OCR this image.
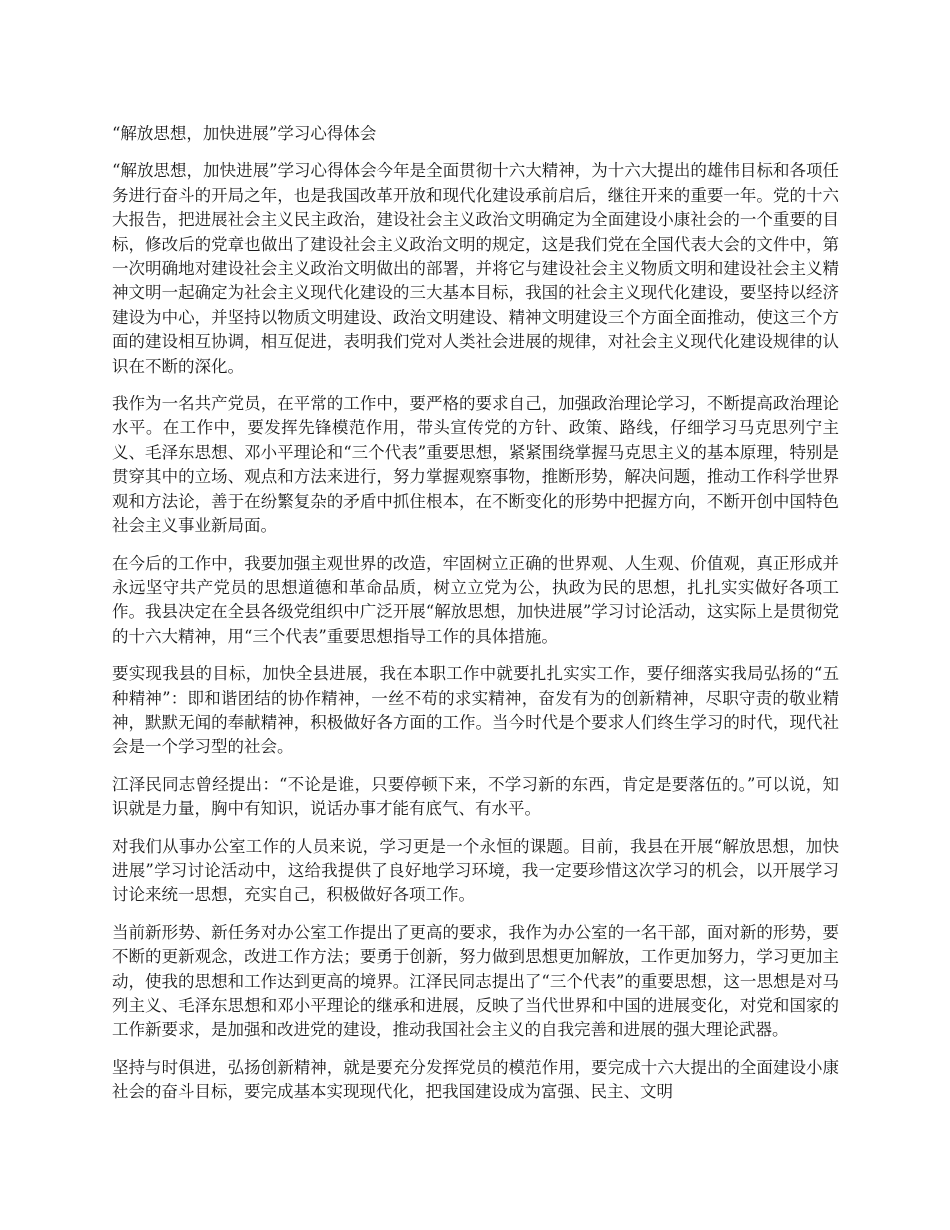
“解放思想，加快进展”学习心得体会

“解放思想，加快进展”学习心得体会今年是全面贯彻十六大精神，为十六大提出的雄伟目标和各项任务进行奋斗的开局之年，也是我国改革开放和现代化建设承前启后，继往开来的重要一年。党的十六大报告，把进展社会主义民主政治，建设社会主义政治文明确定为全面建设小康社会的一个重要的目标，修改后的党章也做出了建设社会主义政治文明的规定，这是我们党在全国代表大会的文件中，第一次明确地对建设社会主义政治文明做出的部署，并将它与建设社会主义物质文明和建设社会主义精神文明一起确定为社会主义现代化建设的三大基本目标，我国的社会主义现代化建设，要坚持以经济建设为中心，并坚持以物质文明建设、政治文明建设、精神文明建设三个方面全面推动，使这三个方面的建设相互协调，相互促进，表明我们党对人类社会进展的规律，对社会主义现代化建设规律的认识在不断的深化。

我作为一名共产党员，在平常的工作中，要严格的要求自己，加强政治理论学习，不断提高政治理论水平。在工作中，要发挥先锋模范作用，带头宣传党的方针、政策、路线，仔细学习马克思列宁主义、毛泽东思想、邓小平理论和“三个代表”重要思想，紧紧围绕掌握马克思主义的基本原理，特别是贯穿其中的立场、观点和方法来进行，努力掌握观察事物，推断形势，解决问题，推动工作科学世界观和方法论，善于在纷繁复杂的矛盾中抓住根本，在不断变化的形势中把握方向，不断开创中国特色社会主义事业新局面。

在今后的工作中，我要加强主观世界的改造，牢固树立正确的世界观、人生观、价值观，真正形成并永远坚守共产党员的思想道德和革命品质，树立立党为公，执政为民的思想，扎扎实实做好各项工作。我县决定在全县各级党组织中广泛开展“解放思想，加快进展”学习讨论活动，这实际上是贯彻党的十六大精神，用“三个代表”重要思想指导工作的具体措施。

要实现我县的目标，加快全县进展，我在本职工作中就要扎扎实实工作，要仔细落实我局弘扬的“五种精神”：即和谐团结的协作精神，一丝不苟的求实精神，奋发有为的创新精神，尽职守责的敬业精神，默默无闻的奉献精神，积极做好各方面的工作。当今时代是个要求人们终生学习的时代，现代社会是一个学习型的社会。

江泽民同志曾经提出：“不论是谁，只要停顿下来，不学习新的东西，肯定是要落伍的。”可以说，知识就是力量，胸中有知识，说话办事才能有底气、有水平。

对我们从事办公室工作的人员来说，学习更是一个永恒的课题。目前，我县在开展“解放思想，加快进展”学习讨论活动中，这给我提供了良好地学习环境，我一定要珍惜这次学习的机会，以开展学习讨论来统一思想，充实自己，积极做好各项工作。

当前新形势、新任务对办公室工作提出了更高的要求，我作为办公室的一名干部，面对新的形势，要不断的更新观念，改进工作方法；要勇于创新，努力做到思想更加解放，工作更加努力，学习更加主动，使我的思想和工作达到更高的境界。江泽民同志提出了“三个代表”的重要思想，这一思想是对马列主义、毛泽东思想和邓小平理论的继承和进展，反映了当代世界和中国的进展变化，对党和国家的工作新要求，是加强和改进党的建设，推动我国社会主义的自我完善和进展的强大理论武器。

坚持与时俱进，弘扬创新精神，就是要充分发挥党员的模范作用，要完成十六大提出的全面建设小康社会的奋斗目标，要完成基本实现现代化，把我国建设成为富强、民主、文明
